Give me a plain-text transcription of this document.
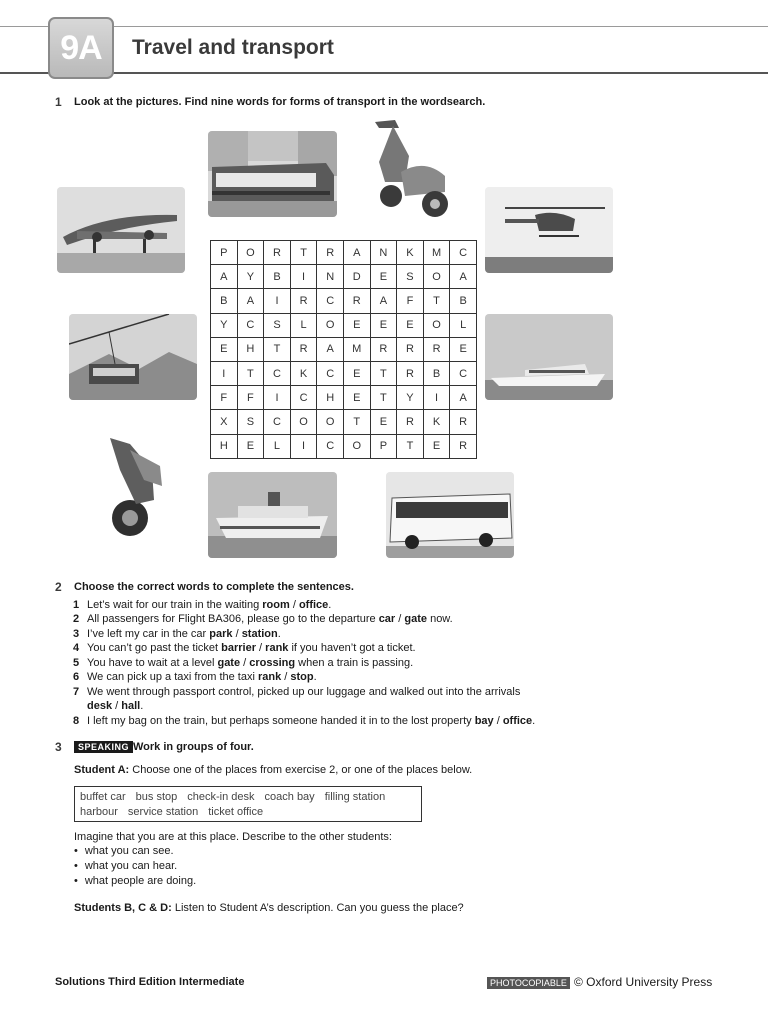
9A	Travel and transport
1 Look at the pictures. Find nine words for forms of transport in the wordsearch.
P	O	R	T	R	A	N	K	M	C
A	Y	B	I	N	D	E	S	O	A
B	A	I	R	C	R	A	F	T	B
Y	C	S	L	O	E	E	E	O	L
E	H	T	R	A	M	R	R	R	E
I	T	C	K	C	E	T	R	B	C
F	F	I	C	H	E	T	Y	I	A
X	S	C	O	O	T	E	R	K	R
H	E	L	I	C	O	P	T	E	R
2 Choose the correct words to complete the sentences.
1 Let’s wait for our train in the waiting room / office.
2 All passengers for Flight BA306, please go to the departure car / gate now.
3 I’ve left my car in the car park / station.
4 You can’t go past the ticket barrier / rank if you haven’t got a ticket.
5 You have to wait at a level gate / crossing when a train is passing.
6 We can pick up a taxi from the taxi rank / stop.
7 We went through passport control, picked up our luggage and walked out into the arrivals
desk / hall.
8 I left my bag on the train, but perhaps someone handed it in to the lost property bay / office.
3	SPEAKING Work in groups of four.
Student A: Choose one of the places from exercise 2, or one of the places below.
buffet car bus stop check-in desk coach bay filling station
harbour service station ticket office
Imagine that you are at this place. Describe to the other students:
• what you can see.
• what you can hear.
• what people are doing.
Students B, C & D: Listen to Student A’s description. Can you guess the place?
Solutions Third Edition Intermediate	PHOTOCOPIABLE © Oxford University Press
